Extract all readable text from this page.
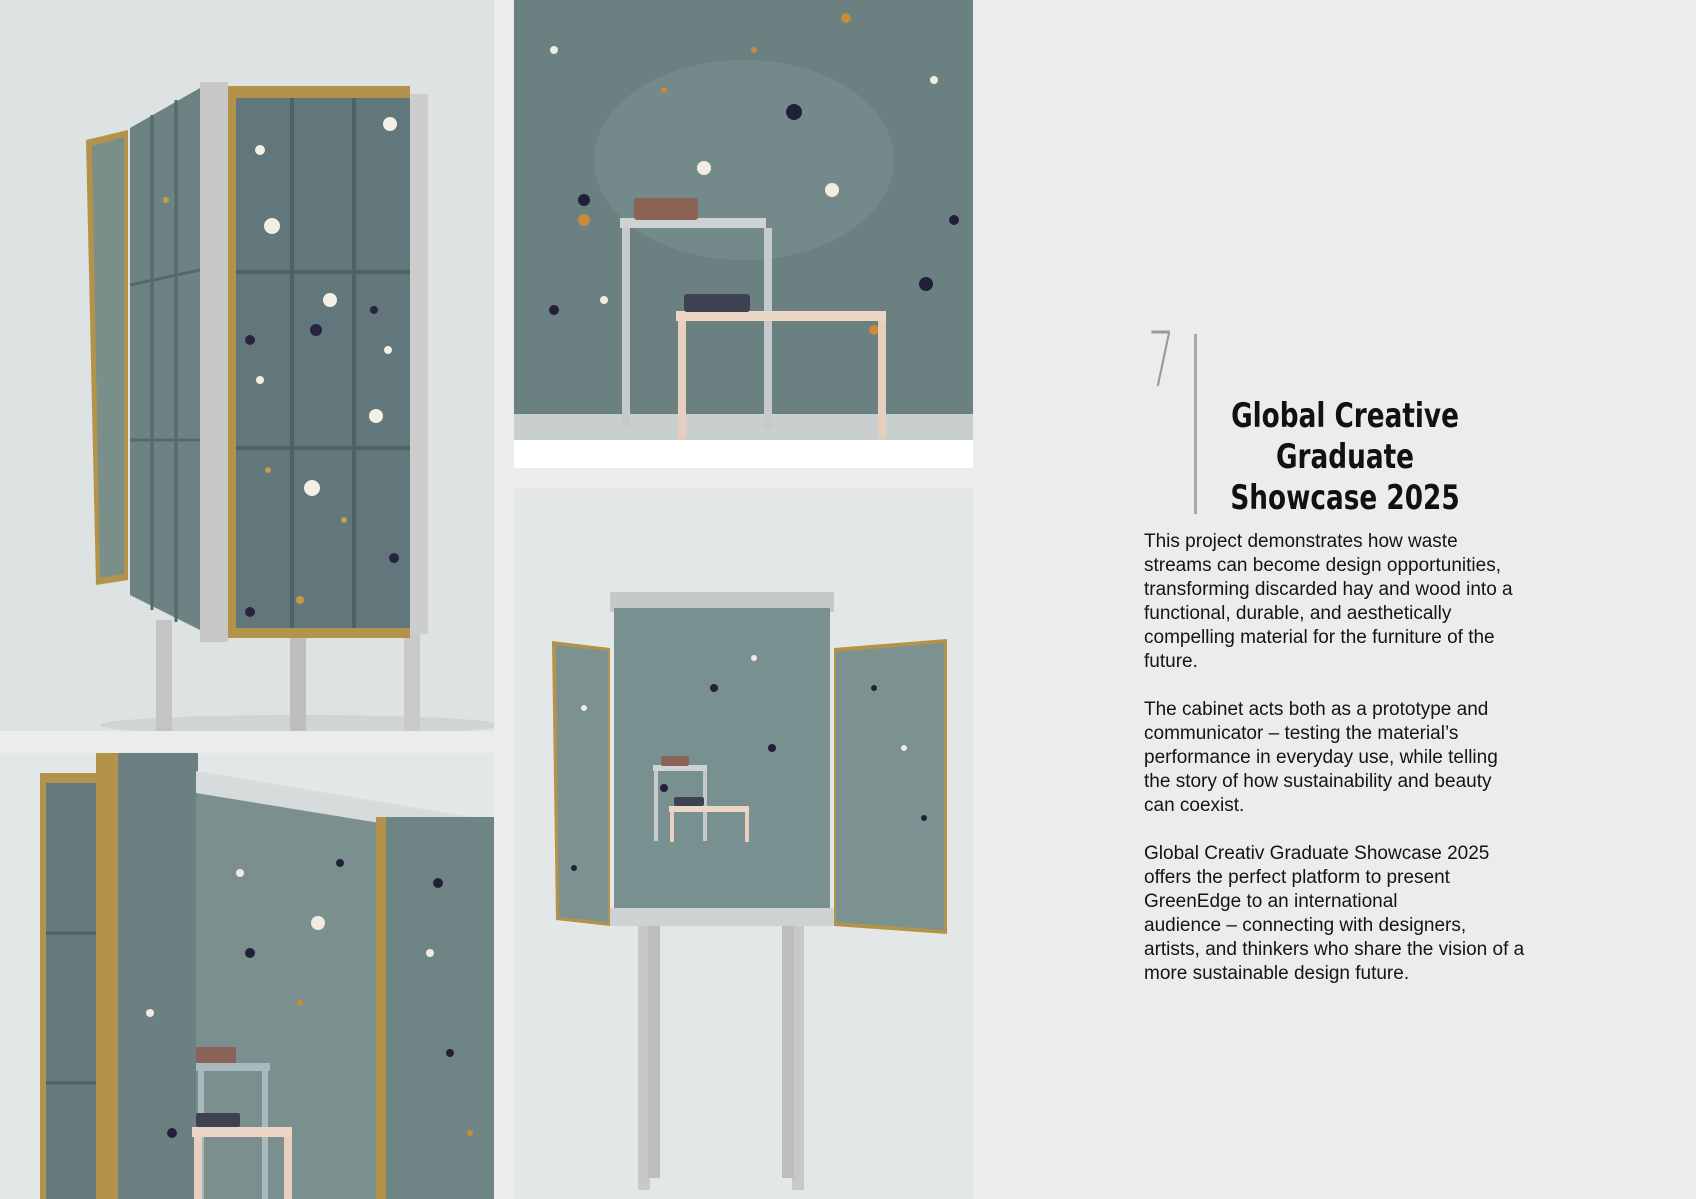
7
Global Creative
Graduate
Showcase 2025

This project demonstrates how waste
streams can become design opportunities,
transforming discarded hay and wood into a
functional, durable, and aesthetically
compelling material for the furniture of the
future.

The cabinet acts both as a prototype and
communicator – testing the material’s
performance in everyday use, while telling
the story of how sustainability and beauty
can coexist.

Global Creativ Graduate Showcase 2025
offers the perfect platform to present
GreenEdge to an international
audience – connecting with designers,
artists, and thinkers who share the vision of a
more sustainable design future.
